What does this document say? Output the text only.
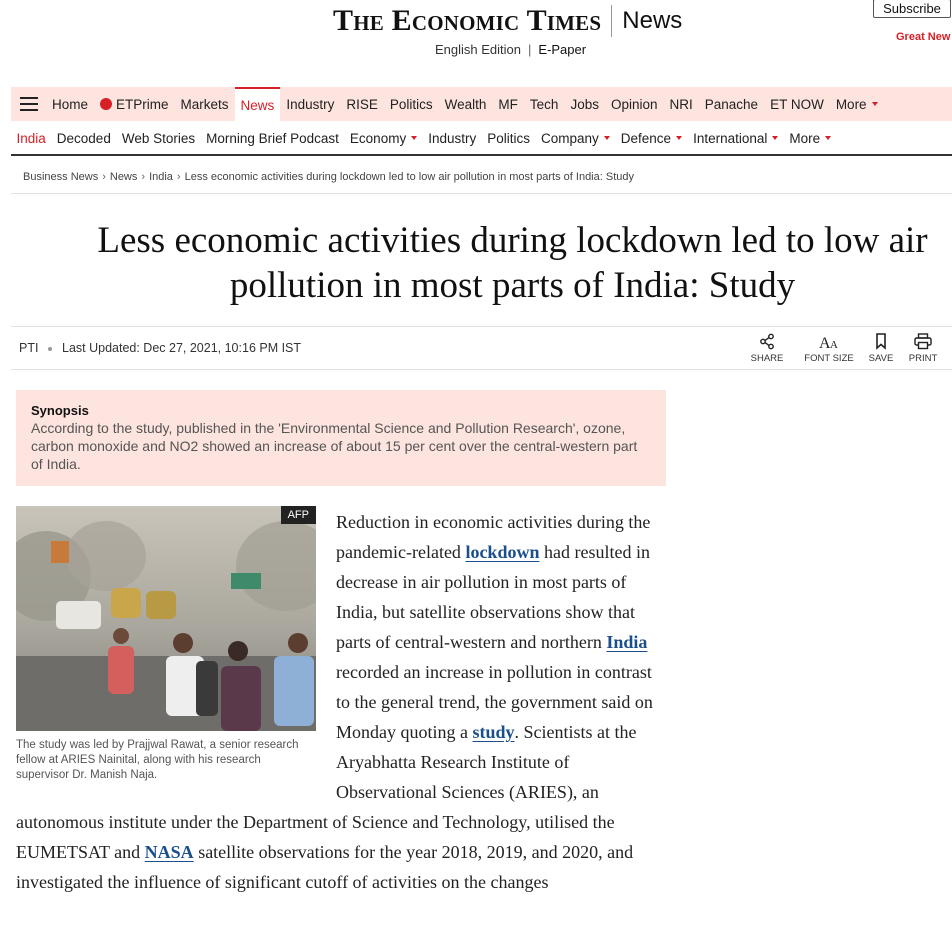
The Economic Times News
English Edition | E-Paper
Subscribe
Great New
Home ETPrime Markets News Industry RISE Politics Wealth MF Tech Jobs Opinion NRI Panache ET NOW More
India Decoded Web Stories Morning Brief Podcast Economy Industry Politics Company Defence International More
Business News › News › India › Less economic activities during lockdown led to low air pollution in most parts of India: Study
Less economic activities during lockdown led to low air pollution in most parts of India: Study
PTI Last Updated: Dec 27, 2021, 10:16 PM IST
SHARE
A A
FONT SIZE	SAVE	PRINT
Synopsis
According to the study, published in the 'Environmental Science and Pollution Research', ozone, carbon monoxide and NO2 showed an increase of about 15 per cent over the central-western part of India.
AFP
The study was led by Prajjwal Rawat, a senior research fellow at ARIES Nainital, along with his research supervisor Dr. Manish Naja.
Reduction in economic activities during the pandemic-related lockdown had resulted in decrease in air pollution in most parts of India, but satellite observations show that parts of central-western and northern India recorded an increase in pollution in contrast to the general trend, the government said on Monday quoting a study. Scientists at the Aryabhatta Research Institute of Observational Sciences (ARIES), an autonomous institute under the Department of Science and Technology, utilised the EUMETSAT and NASA satellite observations for the year 2018, 2019, and 2020, and investigated the influence of significant cutoff of activities on the changes
